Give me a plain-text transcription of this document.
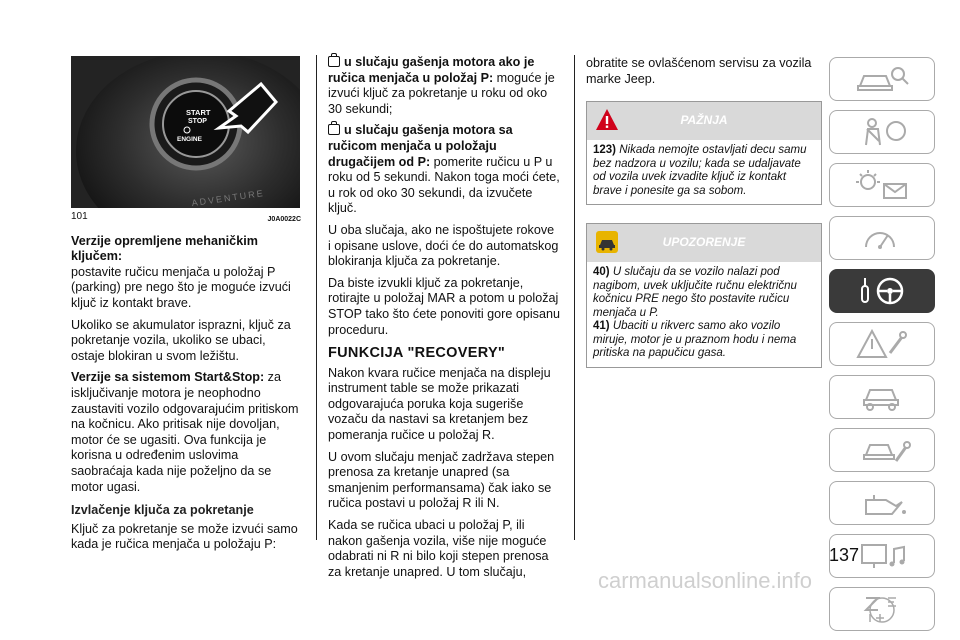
START
STOP
ENGINE
ADVENTURE
101	J0A0022C
Verzije opremljene mehaničkim ključem:

postavite ručicu menjača u položaj P (parking) pre nego što je moguće izvući ključ iz kontakt brave.

Ukoliko se akumulator isprazni, ključ za pokretanje vozila, ukoliko se ubaci, ostaje blokiran u svom ležištu.

Verzije sa sistemom Start&Stop: za isključivanje motora je neophodno zaustaviti vozilo odgovarajućim pritiskom na kočnicu. Ako pritisak nije dovoljan, motor će se ugasiti. Ova funkcija je korisna u određenim uslovima saobraćaja kada nije poželjno da se motor ugasi.

Izvlačenje ključa za pokretanje

Ključ za pokretanje se može izvući samo kada je ručica menjača u položaju P:

u slučaju gašenja motora ako je ručica menjača u položaj P: moguće je izvući ključ za pokretanje u roku od oko 30 sekundi;

u slučaju gašenja motora sa ručicom menjača u položaju drugačijem od P: pomerite ručicu u P u roku od 5 sekundi. Nakon toga moći ćete, u rok od oko 30 sekundi, da izvučete ključ.

U oba slučaja, ako ne ispoštujete rokove i opisane uslove, doći će do automatskog blokiranja ključa za pokretanje.

Da biste izvukli ključ za pokretanje, rotirajte u položaj MAR a potom u položaj STOP tako što ćete ponoviti gore opisanu proceduru.

FUNKCIJA "RECOVERY"

Nakon kvara ručice menjača na displeju instrument table se može prikazati odgovarajuća poruka koja sugeriše vozaču da nastavi sa kretanjem bez pomeranja ručice u položaj R.

U ovom slučaju menjač zadržava stepen prenosa za kretanje unapred (sa smanjenim performansama) čak iako se ručica postavi u položaj R ili N.

Kada se ručica ubaci u položaj P, ili nakon gašenja vozila, više nije moguće odabrati ni R ni bilo koji stepen prenosa za kretanje unapred. U tom slučaju,

obratite se ovlašćenom servisu za vozila marke Jeep.

PAŽNJA
123) Nikada nemojte ostavljati decu samu bez nadzora u vozilu; kada se udaljavate od vozila uvek izvadite ključ iz kontakt brave i ponesite ga sa sobom.
UPOZORENJE
40) U slučaju da se vozilo nalazi pod nagibom, uvek uključite ručnu električnu kočnicu PRE nego što postavite ručicu menjača u P.
41) Ubaciti u rikverc samo ako vozilo miruje, motor je u praznom hodu i nema pritiska na papučicu gasa.
137
carmanualsonline.info
